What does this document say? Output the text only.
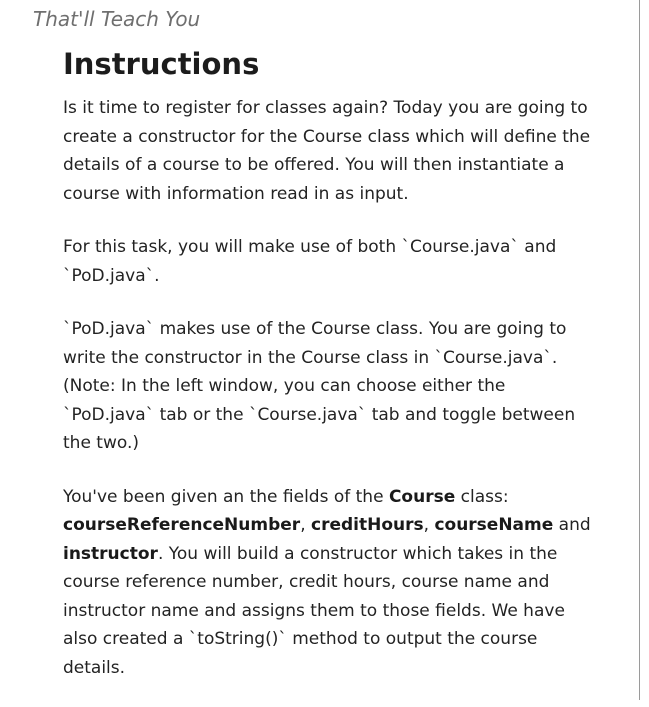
That'll Teach You
Instructions

Is it time to register for classes again? Today you are going to create a constructor for the Course class which will define the details of a course to be offered. You will then instantiate a course with information read in as input.

For this task, you will make use of both `Course.java` and `PoD.java`.

`PoD.java` makes use of the Course class. You are going to write the constructor in the Course class in `Course.java`. (Note: In the left window, you can choose either the `PoD.java` tab or the `Course.java` tab and toggle between the two.)

You've been given an the fields of the Course class: courseReferenceNumber, creditHours, courseName and instructor. You will build a constructor which takes in the course reference number, credit hours, course name and instructor name and assigns them to those fields. We have also created a `toString()` method to output the course details.
